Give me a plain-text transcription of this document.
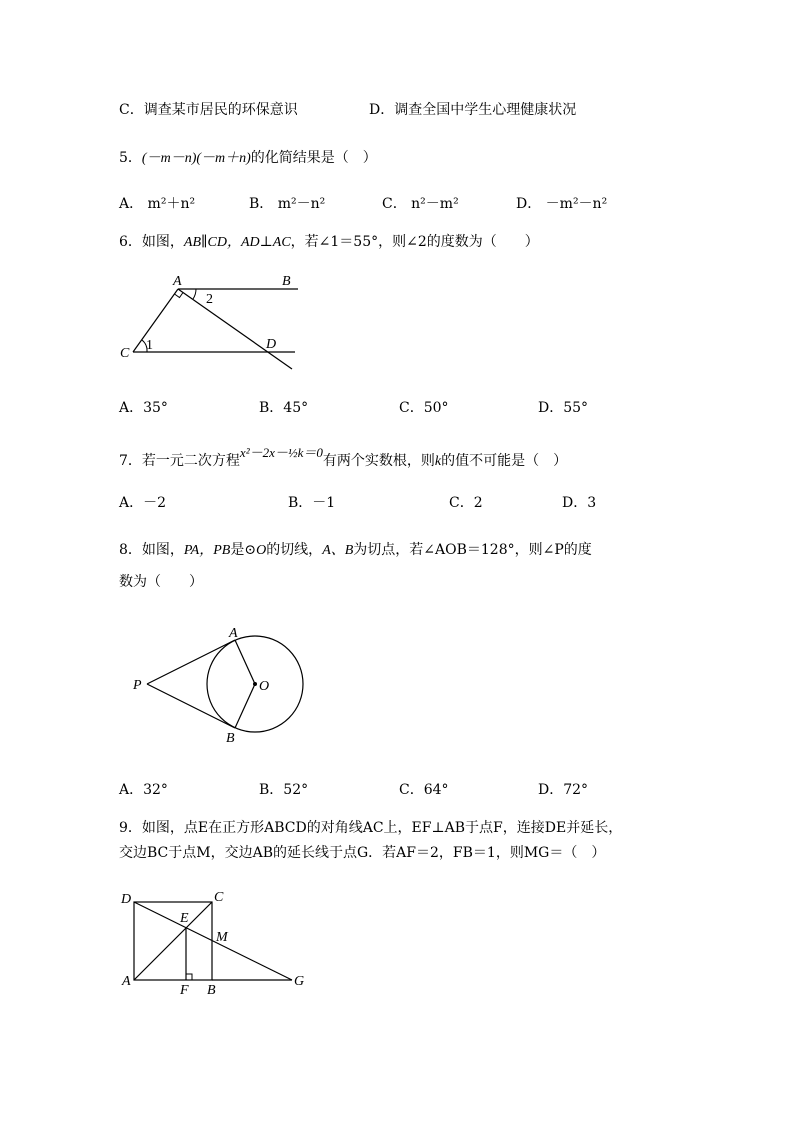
C．调查某市居民的环保意识	D．调查全国中学生心理健康状况
5．(－m－n)(－m＋n)的化简结果是（　）
A． m²＋n²	B． m²－n²	C． n²－m²	D． －m²－n²
6．如图，AB∥CD，AD⊥AC，若∠1＝55°，则∠2的度数为（　　）
A	B
C
D
1
2
A．35°	B．45°	C．50°	D．55°
7．若一元二次方程x²－2x－½k＝0有两个实数根，则k的值不可能是（　）
A．－2	B．－1	C．2	D．3
8．如图，PA，PB是⊙O的切线，A、B为切点，若∠AOB＝128°，则∠P的度
数为（　　）
P
A
B
O
A．32°	B．52°	C．64°	D．72°
9．如图，点E在正方形ABCD的对角线AC上，EF⊥AB于点F，连接DE并延长，
交边BC于点M，交边AB的延长线于点G．若AF＝2，FB＝1，则MG＝（　）
D	C
E
M
A
F B
G
